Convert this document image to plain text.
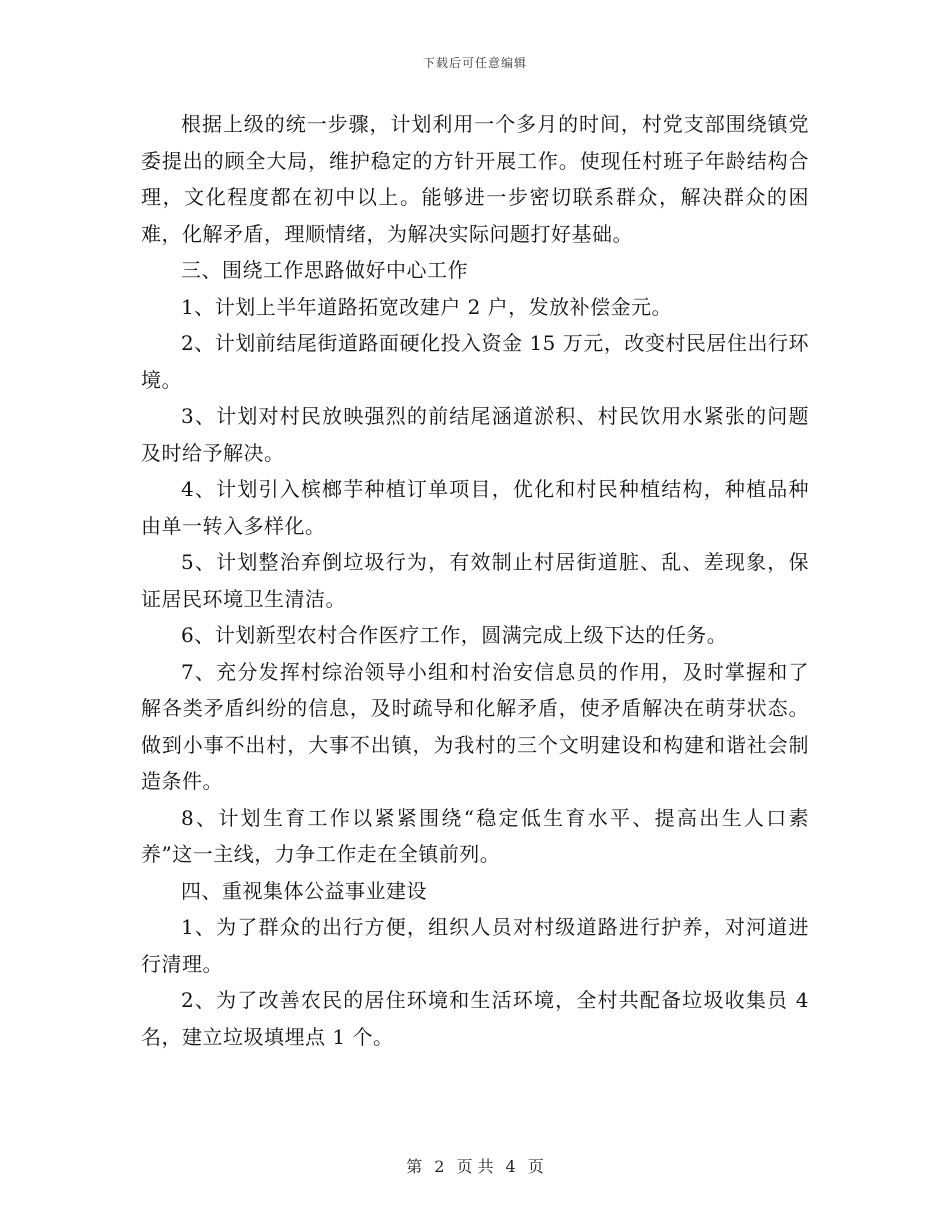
下载后可任意编辑

根据上级的统一步骤，计划利用一个多月的时间，村党支部围绕镇党委提出的顾全大局，维护稳定的方针开展工作。使现任村班子年龄结构合理，文化程度都在初中以上。能够进一步密切联系群众，解决群众的困难，化解矛盾，理顺情绪，为解决实际问题打好基础。

三、围绕工作思路做好中心工作

1、计划上半年道路拓宽改建户 2 户，发放补偿金元。

2、计划前结尾街道路面硬化投入资金 15 万元，改变村民居住出行环境。

3、计划对村民放映强烈的前结尾涵道淤积、村民饮用水紧张的问题及时给予解决。

4、计划引入槟榔芋种植订单项目，优化和村民种植结构，种植品种由单一转入多样化。

5、计划整治弃倒垃圾行为，有效制止村居街道脏、乱、差现象，保证居民环境卫生清洁。

6、计划新型农村合作医疗工作，圆满完成上级下达的任务。

7、充分发挥村综治领导小组和村治安信息员的作用，及时掌握和了解各类矛盾纠纷的信息，及时疏导和化解矛盾，使矛盾解决在萌芽状态。做到小事不出村，大事不出镇，为我村的三个文明建设和构建和谐社会制造条件。

8、计划生育工作以紧紧围绕“稳定低生育水平、提高出生人口素养”这一主线，力争工作走在全镇前列。

四、重视集体公益事业建设

1、为了群众的出行方便，组织人员对村级道路进行护养，对河道进行清理。

2、为了改善农民的居住环境和生活环境，全村共配备垃圾收集员 4 名，建立垃圾填埋点 1 个。

第 2 页 共 4 页
